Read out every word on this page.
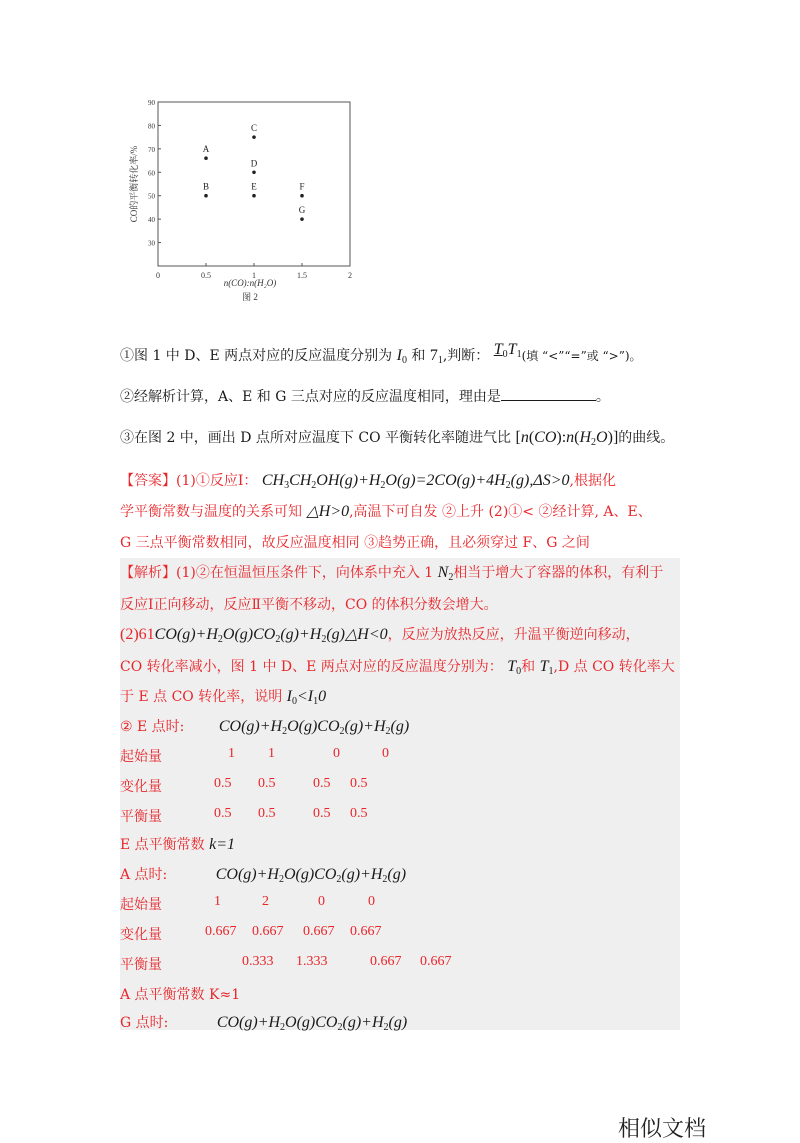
CO的平衡转化率/%
0	0.5	1	1.5	2
30
40
50
60
70
80
90
A
B
C
D
E	F
G
n(CO):n(H₂O)
图 2
①图 1 中 D、E 两点对应的反应温度分别为 $I_0$ 和 $7_1$,判断： $T_0T_1$(填 “<”“=”或 “>”)。
②经解析计算，A、E 和 G 三点对应的反应温度相同，理由是	。
③在图 2 中，画出 D 点所对应温度下 CO 平衡转化率随进气比 $[n(CO):n(H_2O)]$的曲线。
【答案】(1)①反应Ⅰ： $CH_3CH_2OH(g)+H_2O(g)=2CO(g)+4H_2(g),\Delta S>0$,根据化
学平衡常数与温度的关系可知 △H>0,高温下可自发 ②上升 (2)①< ②经计算, A、E、
G 三点平衡常数相同，故反应温度相同 ③趋势正确，且必须穿过 F、G 之间
【解析】(1)②在恒温恒压条件下，向体系中充入 1 $N_2$相当于增大了容器的体积，有利于
反应Ⅰ正向移动，反应Ⅱ平衡不移动，CO 的体积分数会增大。
$(2)61CO(g)+H_2O(g)CO_2(g)+H_2(g)\triangle H<0$，反应为放热反应，升温平衡逆向移动，
CO 转化率减小，图 1 中 D、E 两点对应的反应温度分别为： $T_0$和 $T_1,D$ 点 CO 转化率大
于 E 点 CO 转化率，说明 $I_0<I_10$
② E 点时: $CO(g)+H_2O(g)CO_2(g)+H_2(g)$
起始量	1 1	0	0
变化量	0.5 0.5	0.5 0.5
平衡量	0.5 0.5	0.5 0.5
E 点平衡常数 k=1
A 点时:	$CO(g)+H_2O(g)CO_2(g)+H_2(g)$
起始量	1	2	0	0
变化量	0.667 0.667 0.667 0.667
平衡量	0.333 1.333	0.667 0.667
A 点平衡常数 K≈1
G 点时:	$CO(g)+H_2O(g)CO_2(g)+H_2(g)$
相似文档
